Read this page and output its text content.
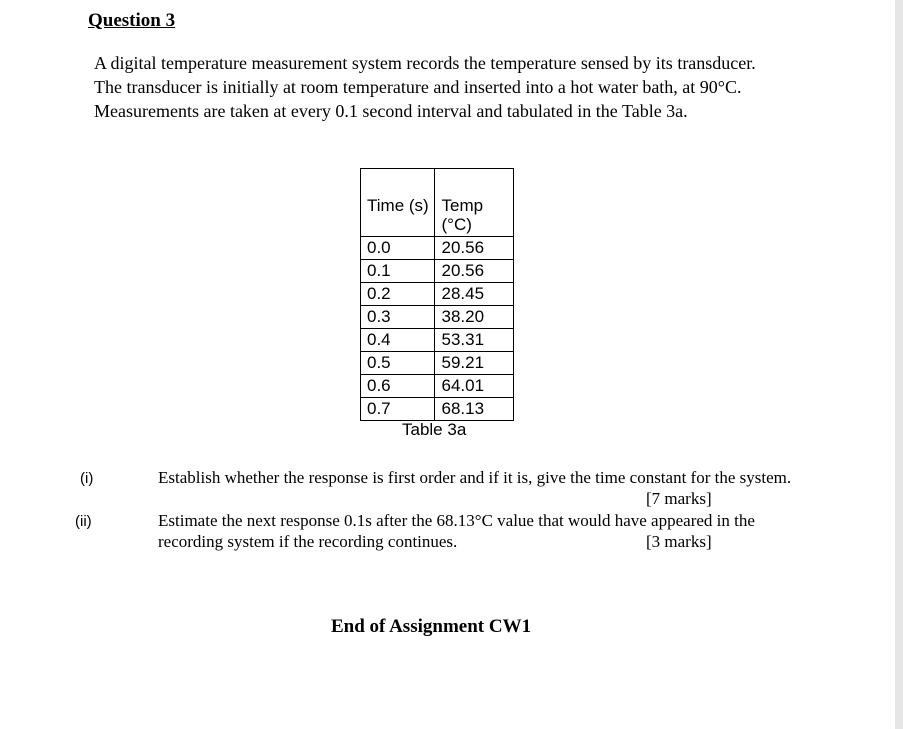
Question 3

A digital temperature measurement system records the temperature sensed by its transducer. The transducer is initially at room temperature and inserted into a hot water bath, at 90°C.

Measurements are taken at every 0.1 second interval and tabulated in the Table 3a.

Time (s)	Temp (°C)
0.0	20.56
0.1	20.56
0.2	28.45
0.3	38.20
0.4	53.31
0.5	59.21
0.6	64.01
0.7	68.13
Table 3a
(i)	Establish whether the response is first order and if it is, give the time constant for the system.
[7 marks]
(ii)	Estimate the next response 0.1s after the 68.13°C value that would have appeared in the recording system if the recording continues.	[3 marks]
End of Assignment CW1
